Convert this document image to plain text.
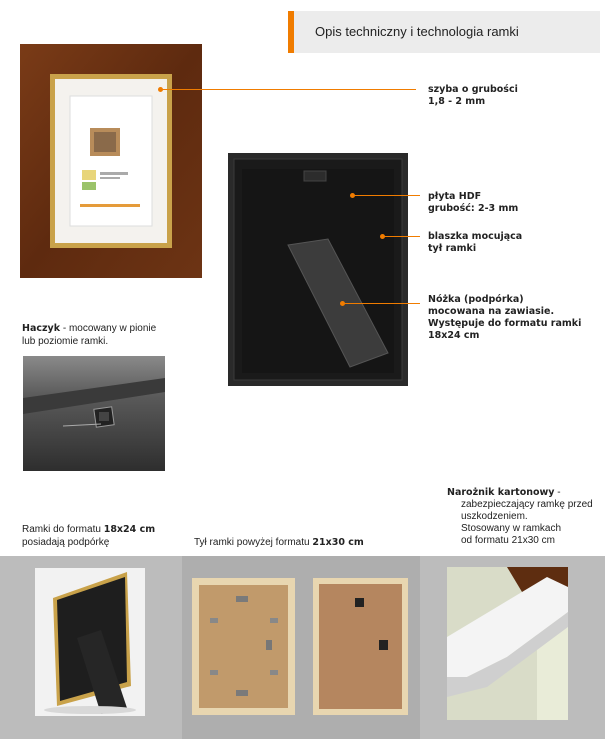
Opis techniczny i technologia ramki
szyba o grubości
1,8 - 2 mm
płyta HDF
grubość: 2-3 mm
blaszka mocująca
tył ramki
Nóżka (podpórka)
mocowana na zawiasie.
Występuje do formatu ramki
18x24 cm
Haczyk - mocowany w pionie
lub poziomie ramki.
Narożnik kartonowy -
zabezpieczający ramkę przed
uszkodzeniem.
Stosowany w ramkach
od formatu 21x30 cm
Ramki do formatu 18x24 cm
posiadają podpórkę	Tył ramki powyżej formatu 21x30 cm
